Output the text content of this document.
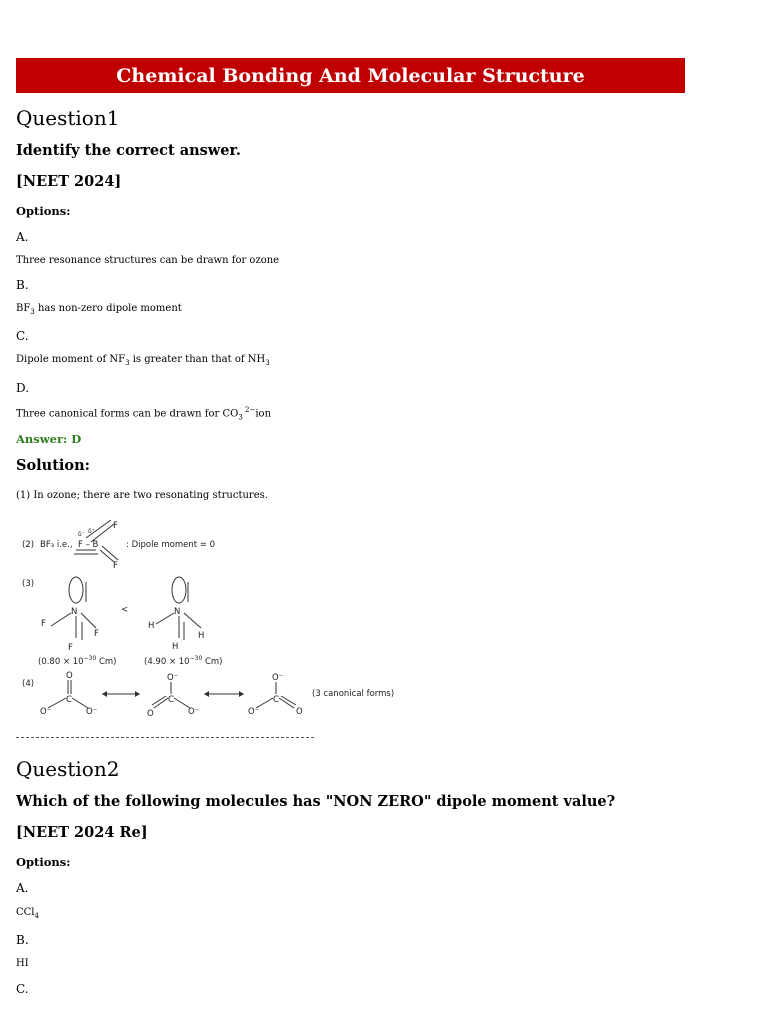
Chemical Bonding And Molecular Structure
Question1
Identify the correct answer.
[NEET 2024]
Options:
A.
Three resonance structures can be drawn for ozone
B.
$BF_3$ has non-zero dipole moment
C.
Dipole moment of $NF_3$ is greater than that of $NH_3$
D.
Three canonical forms can be drawn for $CO_3$ $^{2-}$ion
Answer: D
Solution:
(1) In ozone; there are two resonating structures.
(2) BF₃ i.e., F – B	: Dipole moment = 0
F
F
δ⁻ δ⁺
(3)
N
F
F
F
<	N
H
H
H
($0.80 \times 10^{-30}$ Cm)	($4.90 \times 10^{-30}$ Cm)
(4)
O
C
O⁻	O⁻
O⁻
C
O	O⁻
O⁻
C
O⁻	O
(3 canonical forms)
Question2
Which of the following molecules has "NON ZERO" dipole moment value?
[NEET 2024 Re]
Options:
A.
CCl$_4$
B.
HI
C.
